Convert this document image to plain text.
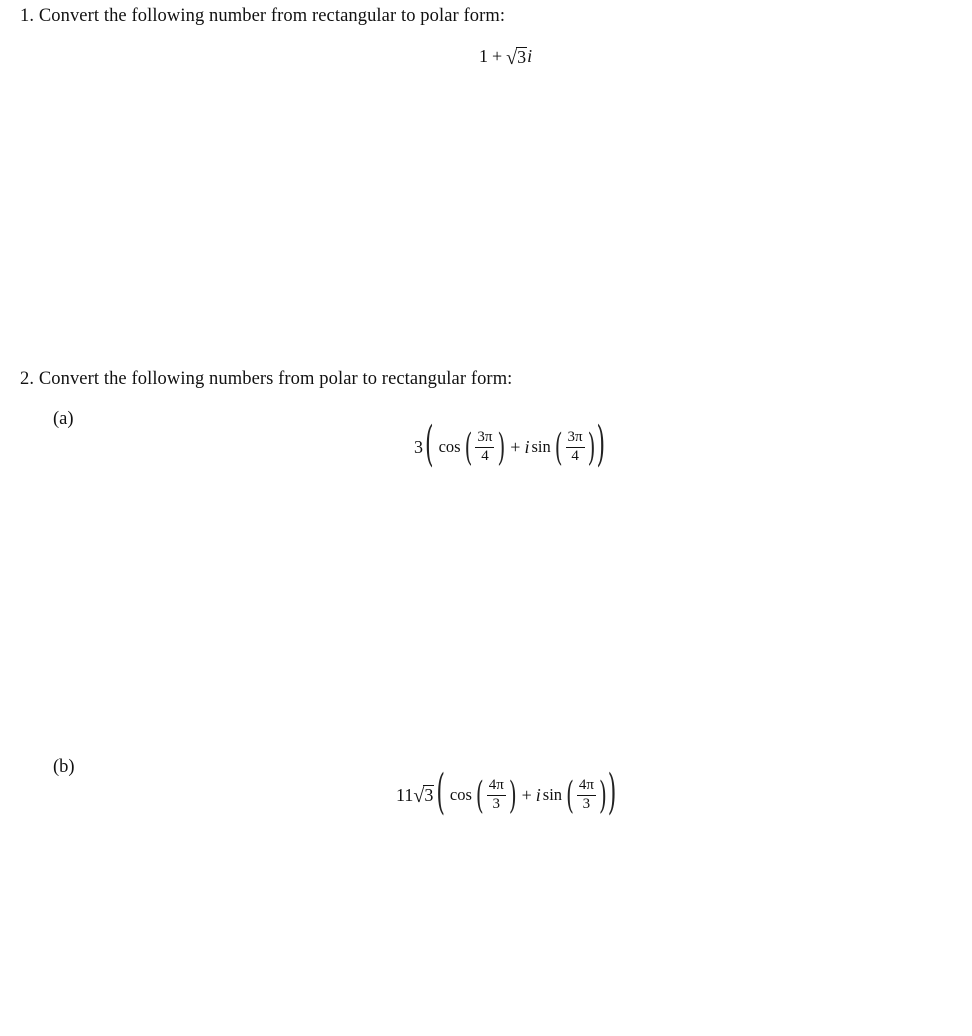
1. Convert the following number from rectangular to polar form:
1 + √ 3 i
2. Convert the following numbers from polar to rectangular form:
(a)
3 ( cos ( $\frac{3\pi}{4}$ ) + i sin ( $\frac{3\pi}{4}$ ) )
(b)
11 √ 3 ( cos ( $\frac{4\pi}{3}$ ) + i sin ( $\frac{4\pi}{3}$ ) )
